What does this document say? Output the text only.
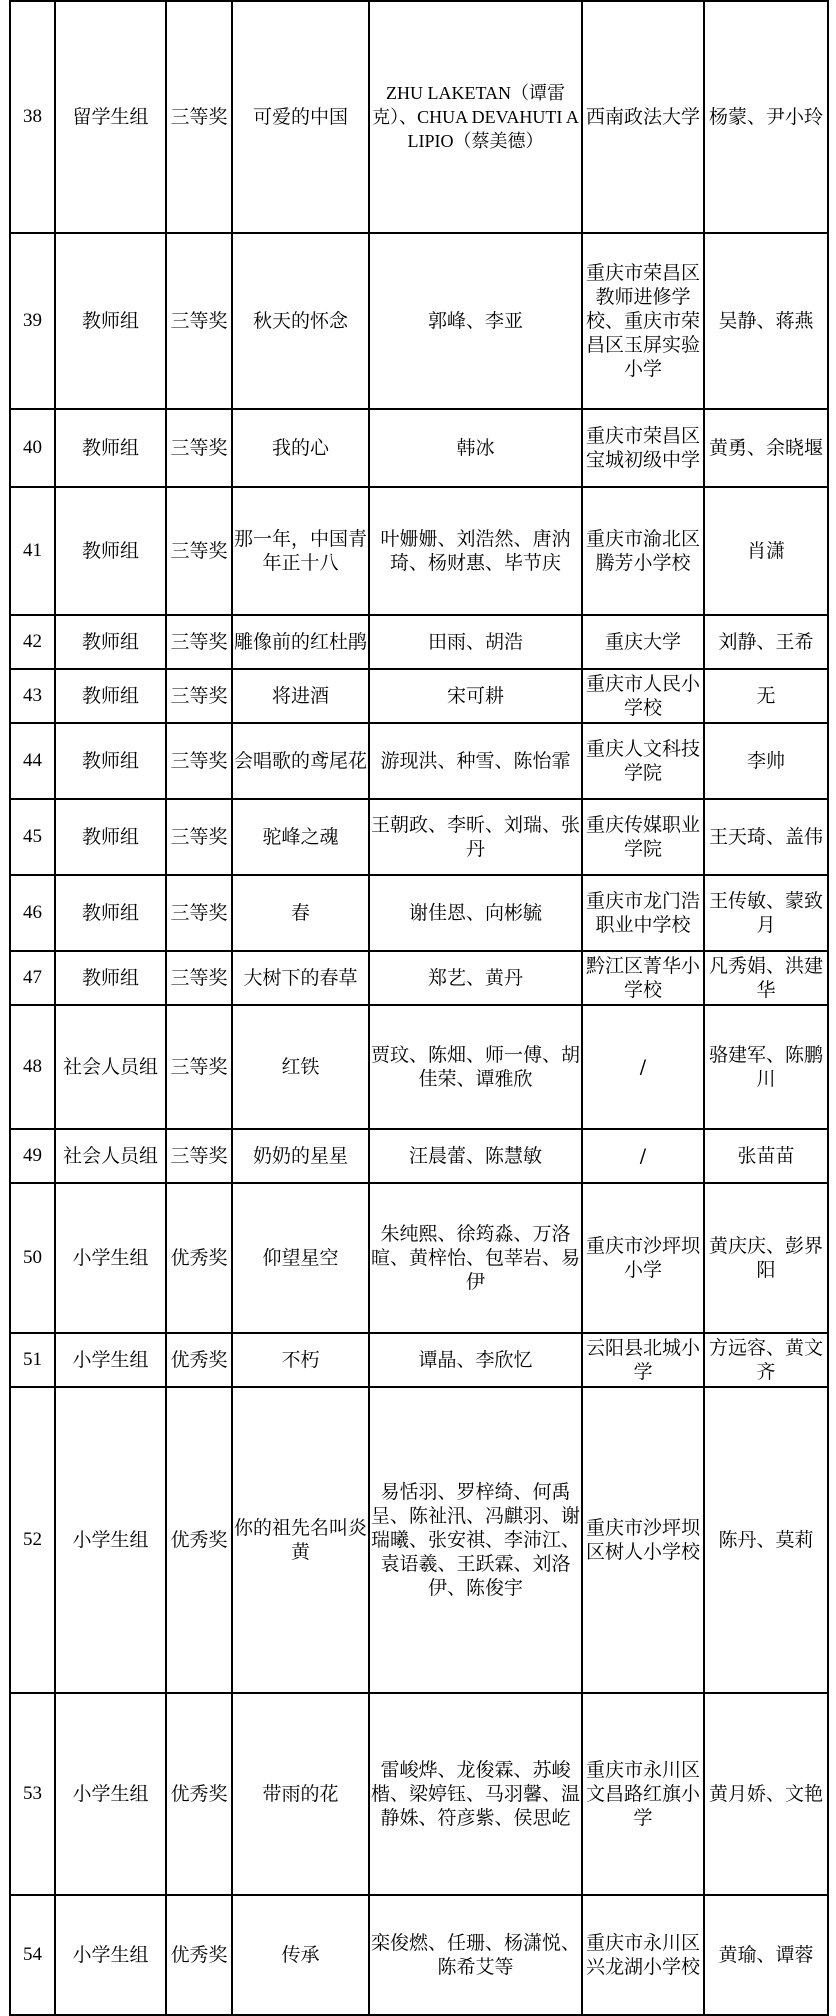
38	留学生组	三等奖	可爱的中国	ZHU LAKETAN（谭雷克）、CHUA DEVAHUTI ALIPIO（蔡美德）	西南政法大学	杨蒙、尹小玲
39	教师组	三等奖	秋天的怀念	郭峰、李亚	重庆市荣昌区教师进修学校、重庆市荣昌区玉屏实验小学	吴静、蒋燕
40	教师组	三等奖	我的心	韩冰	重庆市荣昌区宝城初级中学	黄勇、余晓堰
41	教师组	三等奖	那一年，中国青年正十八	叶姗姗、刘浩然、唐汭琦、杨财惠、毕节庆	重庆市渝北区腾芳小学校	肖潇
42	教师组	三等奖	雕像前的红杜鹃	田雨、胡浩	重庆大学	刘静、王希
43	教师组	三等奖	将进酒	宋可耕	重庆市人民小学校	无
44	教师组	三等奖	会唱歌的鸢尾花	游现洪、种雪、陈怡霏	重庆人文科技学院	李帅
45	教师组	三等奖	驼峰之魂	王朝政、李昕、刘瑞、张丹	重庆传媒职业学院	王天琦、盖伟
46	教师组	三等奖	春	谢佳恩、向彬毓	重庆市龙门浩职业中学校	王传敏、蒙致月
47	教师组	三等奖	大树下的春草	郑艺、黄丹	黔江区菁华小学校	凡秀娟、洪建华
48	社会人员组	三等奖	红铁	贾玟、陈畑、师一傅、胡佳荣、谭雅欣	/	骆建军、陈鹏川
49	社会人员组	三等奖	奶奶的星星	汪晨蕾、陈慧敏	/	张苗苗
50	小学生组	优秀奖	仰望星空	朱纯熙、徐筠淼、万洛暄、黄梓怡、包莘岩、易伊	重庆市沙坪坝小学	黄庆庆、彭界阳
51	小学生组	优秀奖	不朽	谭晶、李欣忆	云阳县北城小学	方远容、黄文齐
52	小学生组	优秀奖	你的祖先名叫炎黄	易恬羽、罗梓绮、何禹呈、陈祉汛、冯麒羽、谢瑞曦、张安祺、李沛江、袁语羲、王跃霖、刘洛伊、陈俊宇	重庆市沙坪坝区树人小学校	陈丹、莫莉
53	小学生组	优秀奖	带雨的花	雷峻烨、龙俊霖、苏峻楷、梁婷钰、马羽馨、温静姝、符彦紫、侯思屹	重庆市永川区文昌路红旗小学	黄月娇、文艳
54	小学生组	优秀奖	传承	栾俊燃、任珊、杨潇悦、陈希艾等	重庆市永川区兴龙湖小学校	黄瑜、谭蓉
